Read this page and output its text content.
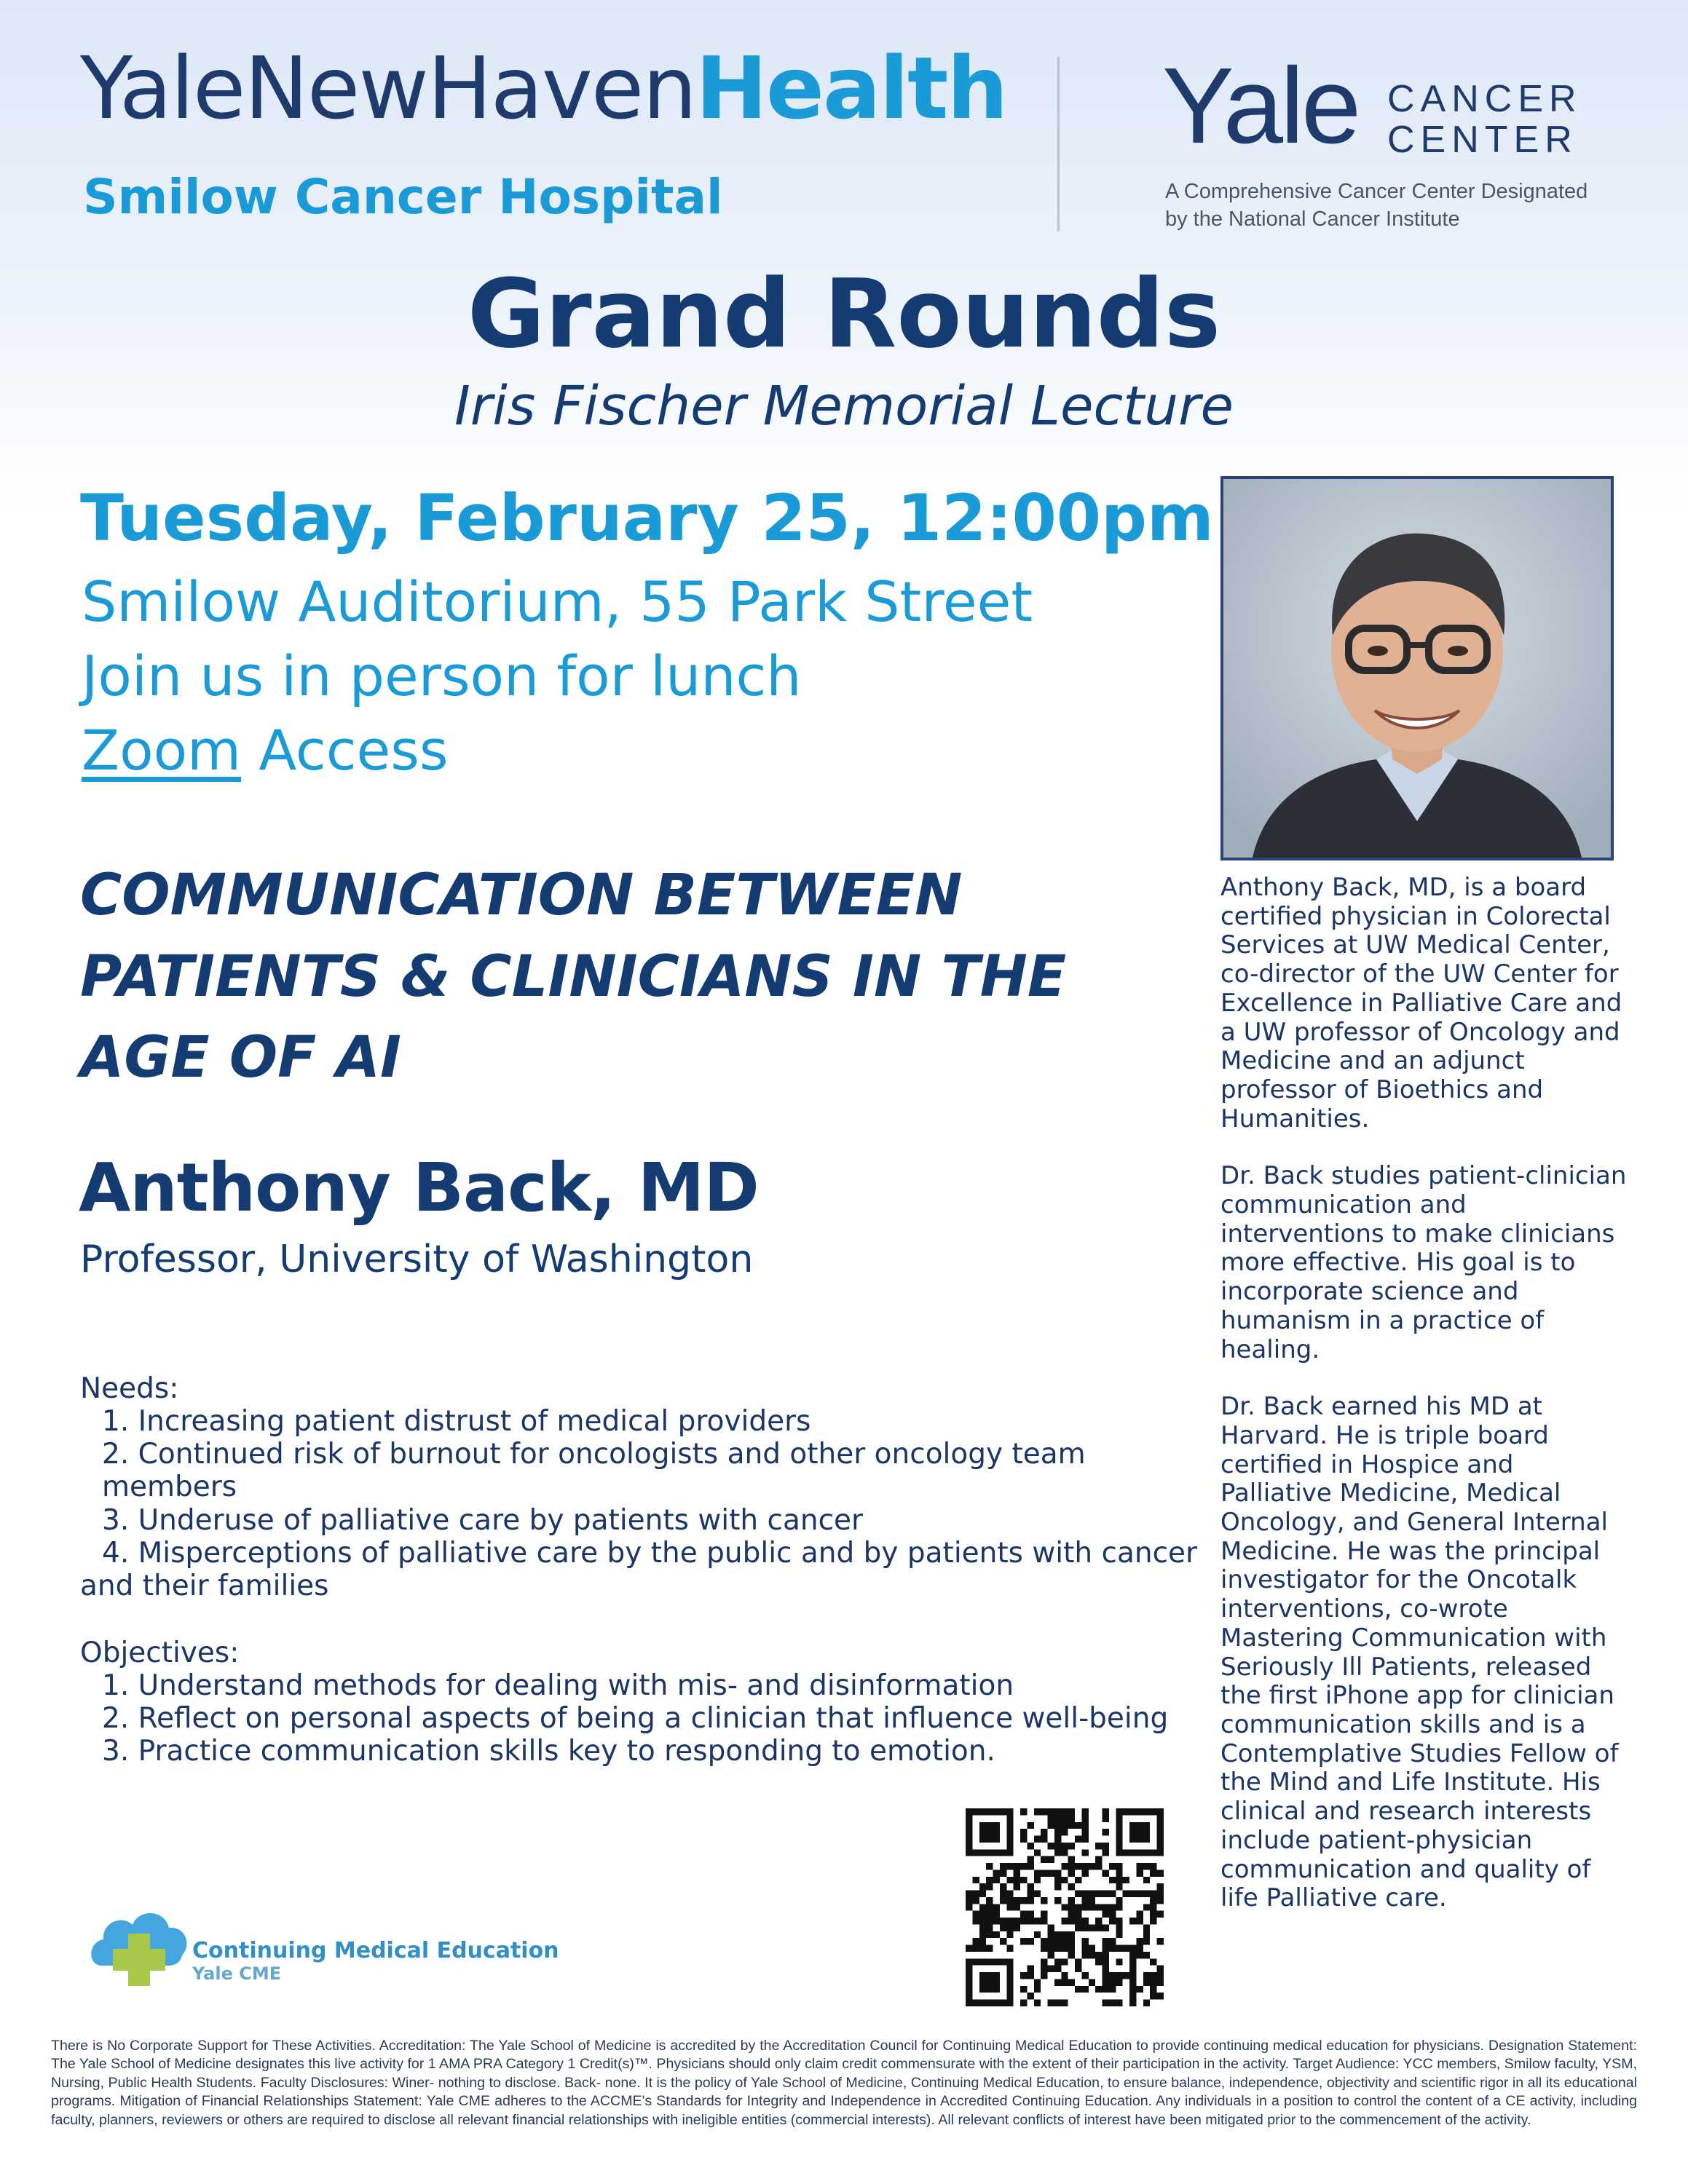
YaleNewHavenHealth
Smilow Cancer Hospital
Yale CANCER
CENTER
A Comprehensive Cancer Center Designated
by the National Cancer Institute
Grand Rounds
Iris Fischer Memorial Lecture
Tuesday, February 25, 12:00pm
Smilow Auditorium, 55 Park Street
Join us in person for lunch
Zoom Access
COMMUNICATION BETWEEN PATIENTS & CLINICIANS IN THE AGE OF AI
Anthony Back, MD
Professor, University of Washington
Needs:
1. Increasing patient distrust of medical providers
2. Continued risk of burnout for oncologists and other oncology team members
3. Underuse of palliative care by patients with cancer
4. Misperceptions of palliative care by the public and by patients with cancer
and their families
Objectives:
1. Understand methods for dealing with mis- and disinformation
2. Reflect on personal aspects of being a clinician that influence well-being
3. Practice communication skills key to responding to emotion.

Anthony Back, MD, is a board certified physician in Colorectal Services at UW Medical Center, co-director of the UW Center for Excellence in Palliative Care and a UW professor of Oncology and Medicine and an adjunct professor of Bioethics and Humanities.

Dr. Back studies patient-clinician communication and interventions to make clinicians more effective. His goal is to incorporate science and humanism in a practice of healing.

Dr. Back earned his MD at Harvard. He is triple board certified in Hospice and Palliative Medicine, Medical Oncology, and General Internal Medicine. He was the principal investigator for the Oncotalk interventions, co-wrote Mastering Communication with Seriously Ill Patients, released the first iPhone app for clinician communication skills and is a Contemplative Studies Fellow of the Mind and Life Institute. His clinical and research interests include patient-physician communication and quality of life Palliative care.

Continuing Medical Education
Yale CME
There is No Corporate Support for These Activities. Accreditation: The Yale School of Medicine is accredited by the Accreditation Council for Continuing Medical Education to provide continuing medical education for physicians. Designation Statement: The Yale School of Medicine designates this live activity for 1 AMA PRA Category 1 Credit(s)™. Physicians should only claim credit commensurate with the extent of their participation in the activity. Target Audience: YCC members, Smilow faculty, YSM, Nursing, Public Health Students. Faculty Disclosures: Winer- nothing to disclose. Back- none. It is the policy of Yale School of Medicine, Continuing Medical Education, to ensure balance, independence, objectivity and scientific rigor in all its educational programs. Mitigation of Financial Relationships Statement: Yale CME adheres to the ACCME's Standards for Integrity and Independence in Accredited Continuing Education. Any individuals in a position to control the content of a CE activity, including faculty, planners, reviewers or others are required to disclose all relevant financial relationships with ineligible entities (commercial interests). All relevant conflicts of interest have been mitigated prior to the commencement of the activity.
